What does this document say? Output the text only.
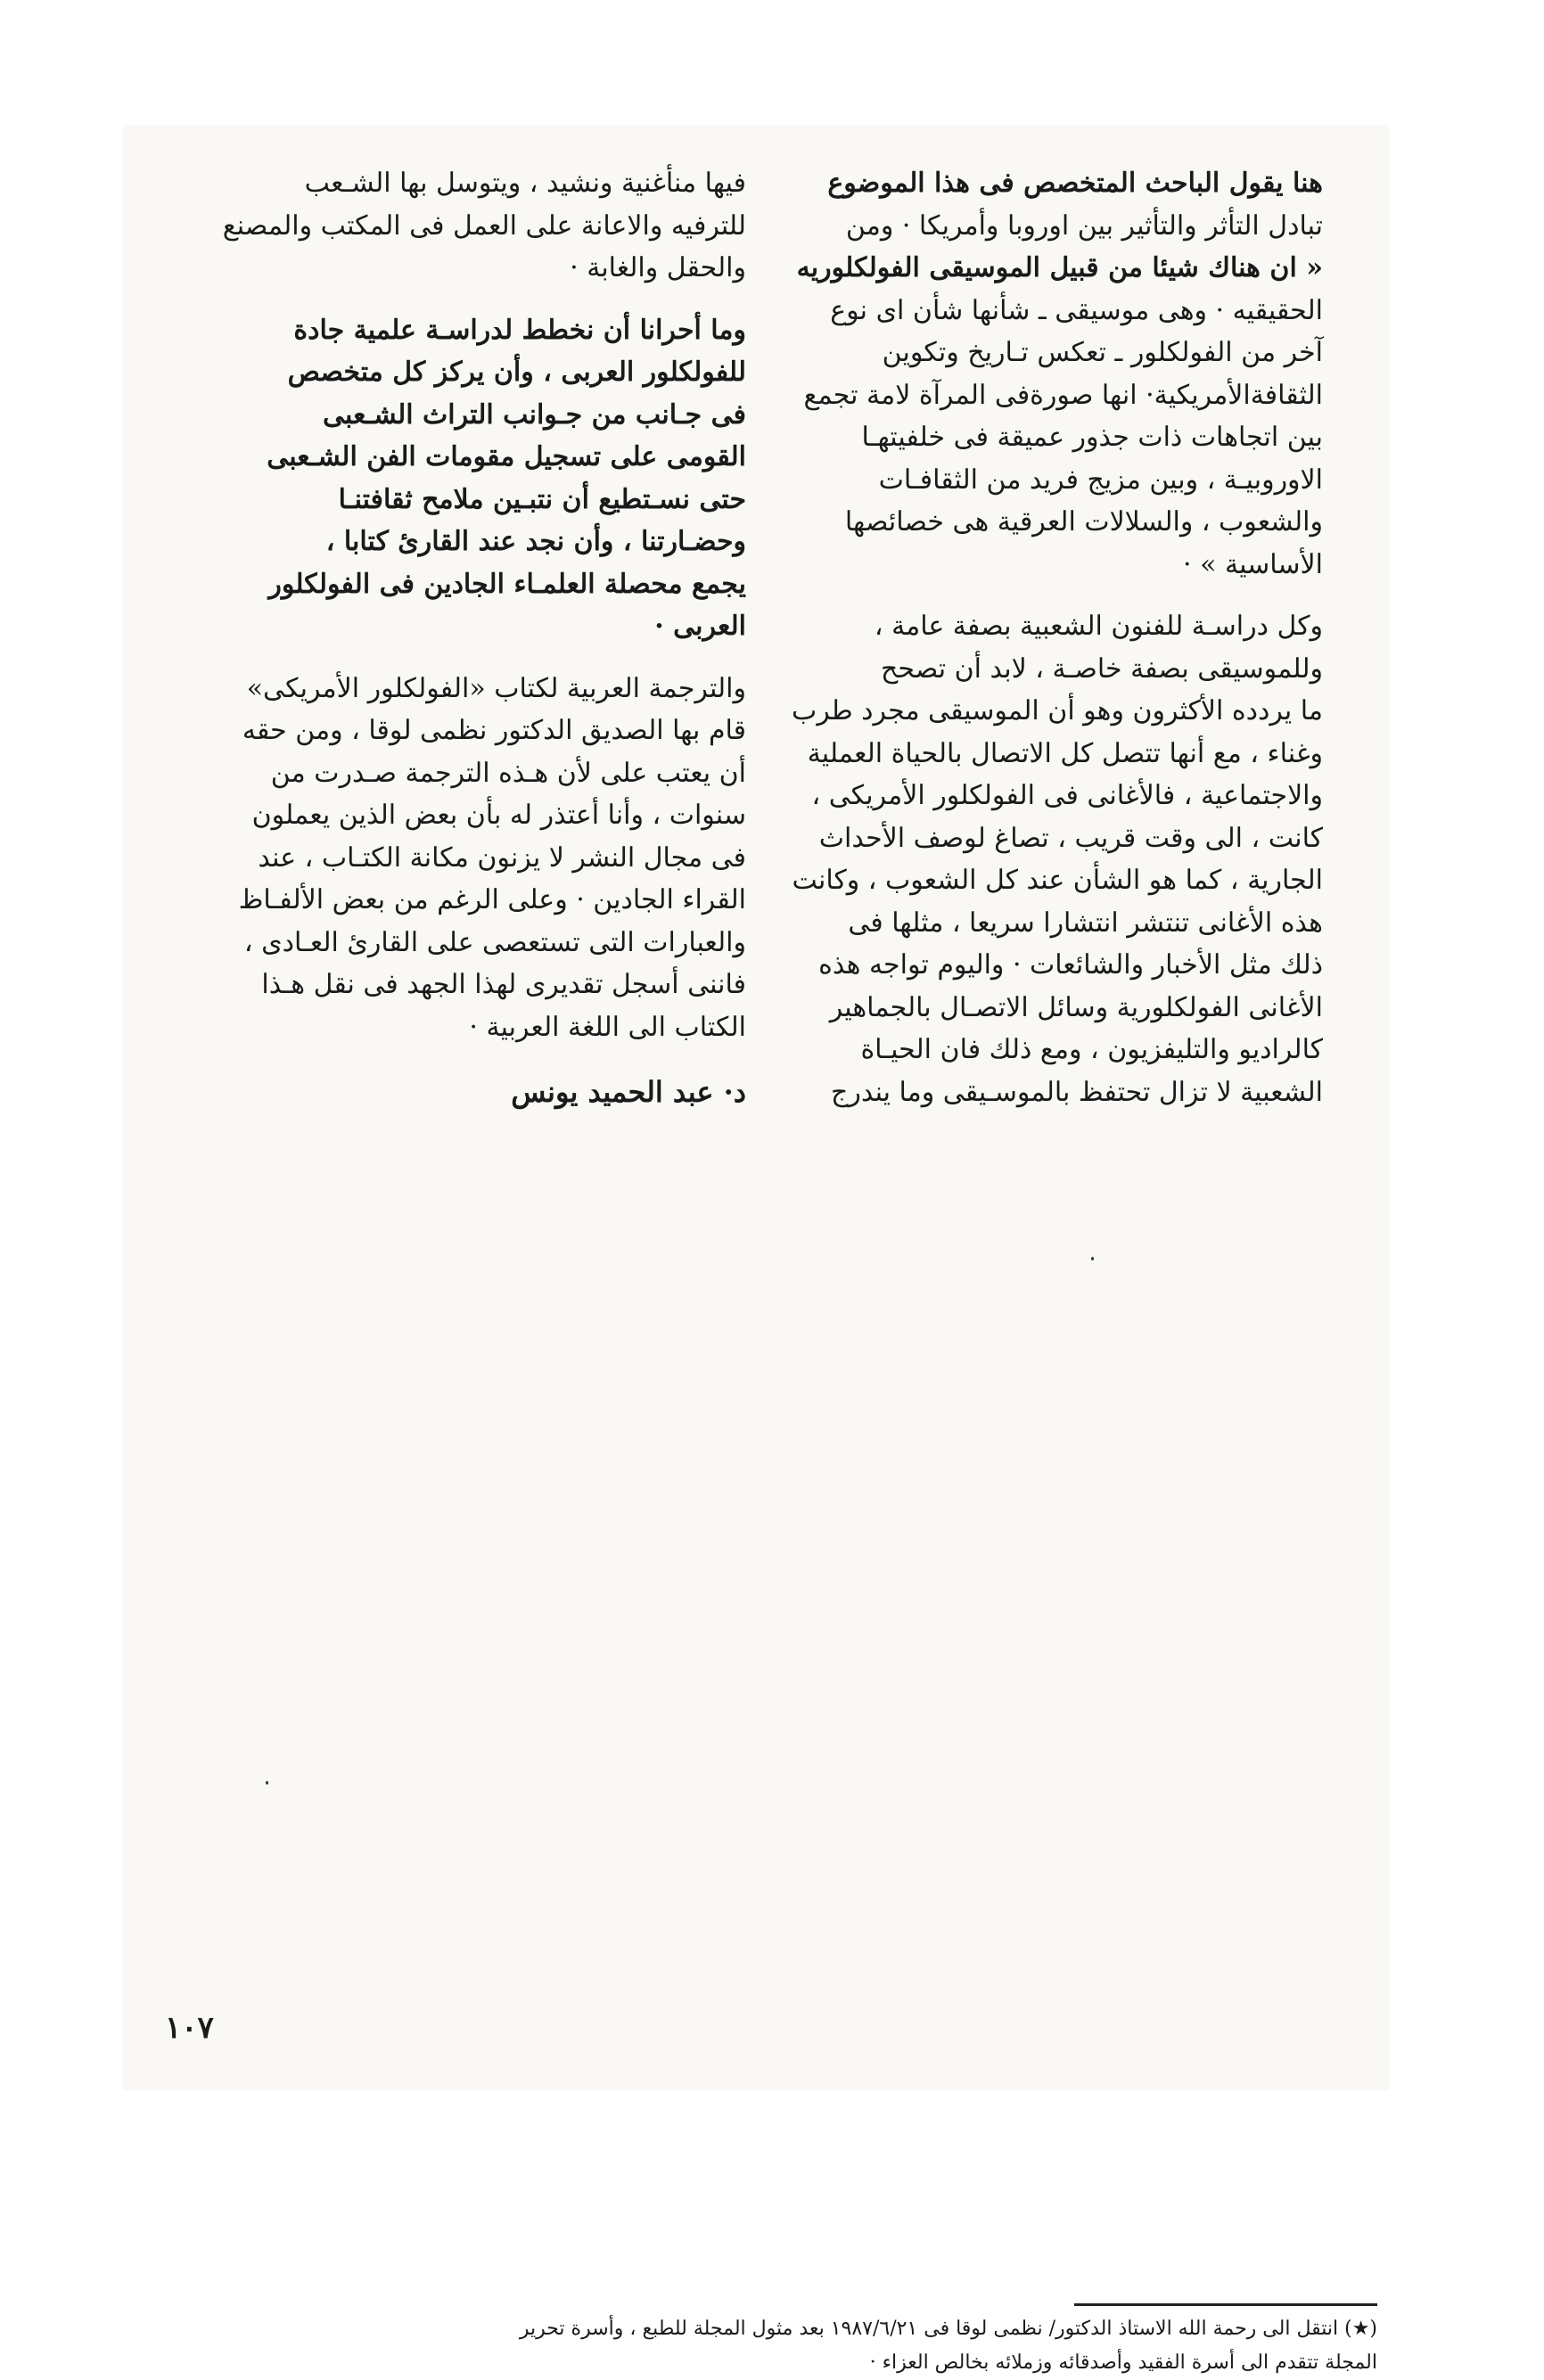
هنا يقول الباحث المتخصص فى هذا الموضوع
تبادل التأثر والتأثير بين اوروبا وأمريكا · ومن
« ان هناك شيئا من قبيل الموسيقى الفولكلوريه
الحقيقيه · وهى موسيقى ـ شأنها شأن اى نوع
آخر من الفولكلور ـ تعكس تـاريخ وتكوين
الثقافةالأمريكية· انها صورةفى المرآة لامة تجمع
بين اتجاهات ذات جذور عميقة فى خلفيتهـا
الاوروبيـة ، وبين مزيج فريد من الثقافـات
والشعوب ، والسلالات العرقية هى خصائصها
الأساسية » ·

وكل دراسـة للفنون الشعبية بصفة عامة ،
وللموسيقى بصفة خاصـة ، لابد أن تصحح
ما يردده الأكثرون وهو أن الموسيقى مجرد طرب
وغناء ، مع أنها تتصل كل الاتصال بالحياة العملية
والاجتماعية ، فالأغانى فى الفولكلور الأمريكى ،
كانت ، الى وقت قريب ، تصاغ لوصف الأحداث
الجارية ، كما هو الشأن عند كل الشعوب ، وكانت
هذه الأغانى تنتشر انتشارا سريعا ، مثلها فى
ذلك مثل الأخبار والشائعات · واليوم تواجه هذه
الأغانى الفولكلورية وسائل الاتصـال بالجماهير
كالراديو والتليفزيون ، ومع ذلك فان الحيـاة
الشعبية لا تزال تحتفظ بالموسـيقى وما يندرج

فيها منأغنية ونشيد ، ويتوسل بها الشـعب
للترفيه والاعانة على العمل فى المكتب والمصنع
والحقل والغابة ·

وما أحرانا أن نخطط لدراسـة علمية جادة
للفولكلور العربى ، وأن يركز كل متخصص
فى جـانب من جـوانب التراث الشـعبى
القومى على تسجيل مقومات الفن الشـعبى
حتى نسـتطيع أن نتبـين ملامح ثقافتنـا
وحضـارتنا ، وأن نجد عند القارئ كتابا ،
يجمع محصلة العلمـاء الجادين فى الفولكلور
العربى ·

والترجمة العربية لكتاب «الفولكلور الأمريكى»
قام بها الصديق الدكتور نظمى لوقا ، ومن حقه
أن يعتب على لأن هـذه الترجمة صـدرت من
سنوات ، وأنا أعتذر له بأن بعض الذين يعملون
فى مجال النشر لا يزنون مكانة الكتـاب ، عند
القراء الجادين · وعلى الرغم من بعض الألفـاظ
والعبارات التى تستعصى على القارئ العـادى ،
فاننى أسجل تقديرى لهذا الجهد فى نقل هـذا
الكتاب الى اللغة العربية ·

د· عبد الحميد يونس
(★) انتقل الى رحمة الله الاستاذ الدكتور/ نظمى لوقا فى ١٩٨٧/٦/٢١ بعد مثول المجلة للطبع ، وأسرة تحرير
المجلة تتقدم الى أسرة الفقيد وأصدقائه وزملائه بخالص العزاء ·
١٠٧
